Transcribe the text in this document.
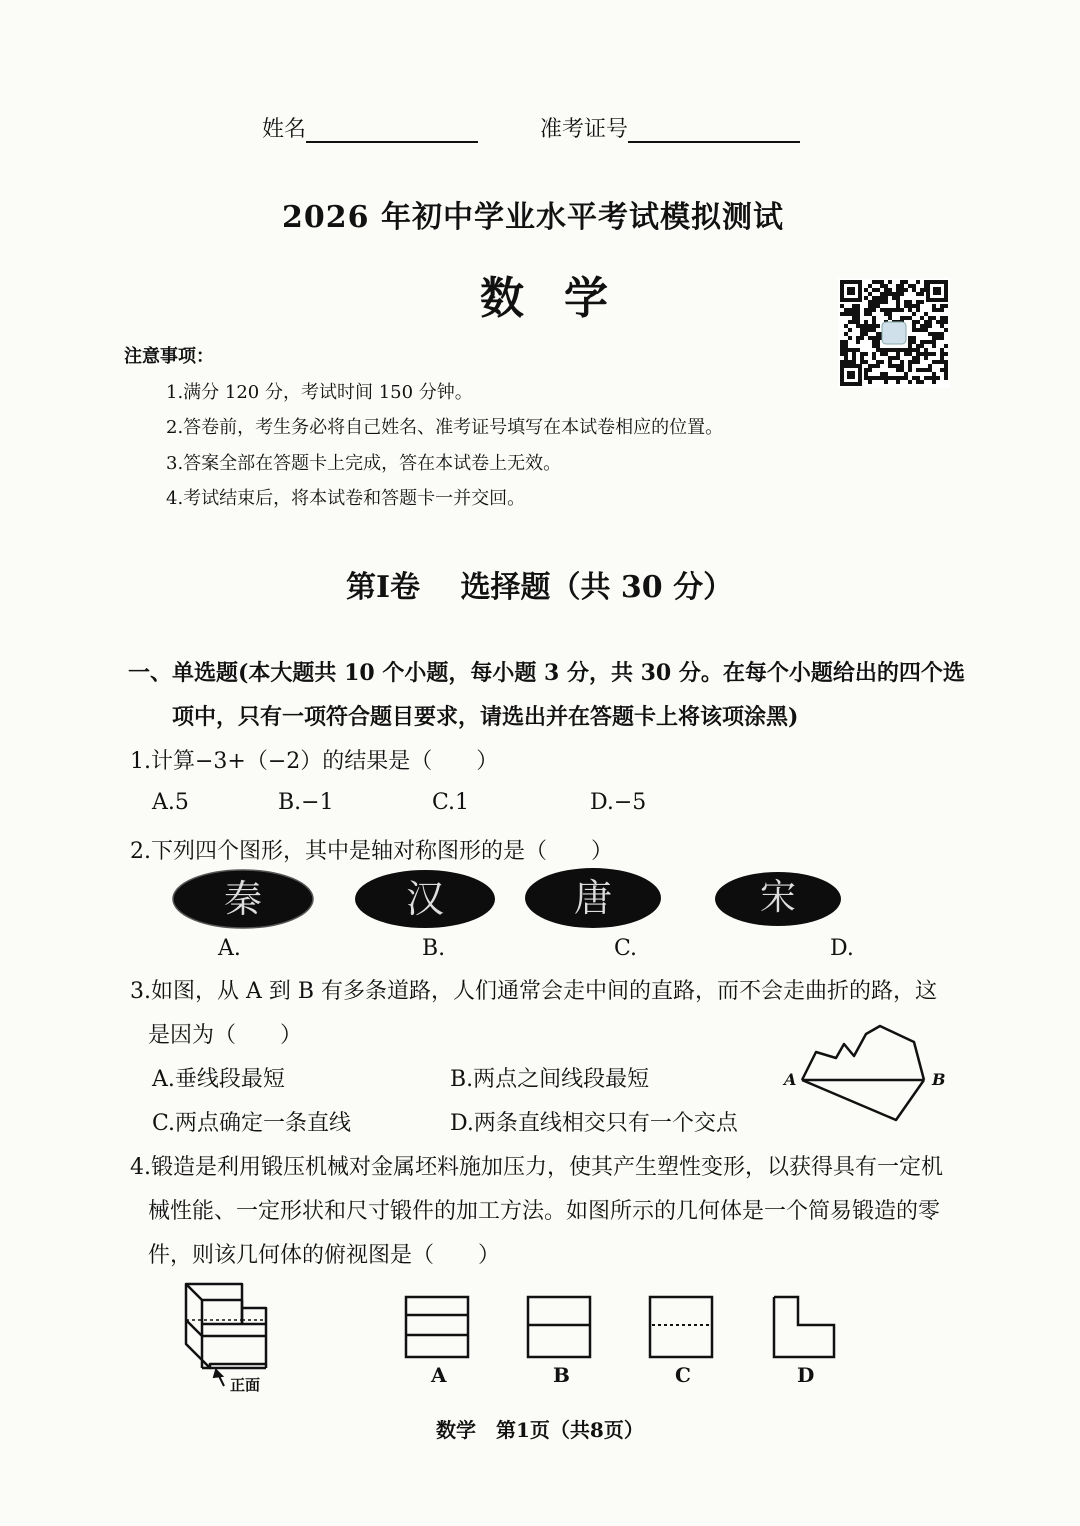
姓名	准考证号
2026 年初中学业水平考试模拟测试
数学
注意事项：
1.满分 120 分，考试时间 150 分钟。
2.答卷前，考生务必将自己姓名、准考证号填写在本试卷相应的位置。
3.答案全部在答题卡上完成，答在本试卷上无效。
4.考试结束后，将本试卷和答题卡一并交回。
第Ⅰ卷　 选择题（共 30 分）
一、单选题(本大题共 10 个小题，每小题 3 分，共 30 分。在每个小题给出的四个选
项中，只有一项符合题目要求，请选出并在答题卡上将该项涂黑)
1.计算−3+（−2）的结果是（　　）
A.5	B.−1	C.1	D.−5
2.下列四个图形，其中是轴对称图形的是（　　）
秦	汉	唐	宋
A.	B.	C.	D.
3.如图，从 A 到 B 有多条道路，人们通常会走中间的直路，而不会走曲折的路，这
是因为（　　）
A.垂线段最短	B.两点之间线段最短
C.两点确定一条直线	D.两条直线相交只有一个交点
A	B
4.锻造是利用锻压机械对金属坯料施加压力，使其产生塑性变形，以获得具有一定机
械性能、一定形状和尺寸锻件的加工方法。如图所示的几何体是一个简易锻造的零
件，则该几何体的俯视图是（　　）
正面	A	B	C	D
数学　第1页（共8页）
